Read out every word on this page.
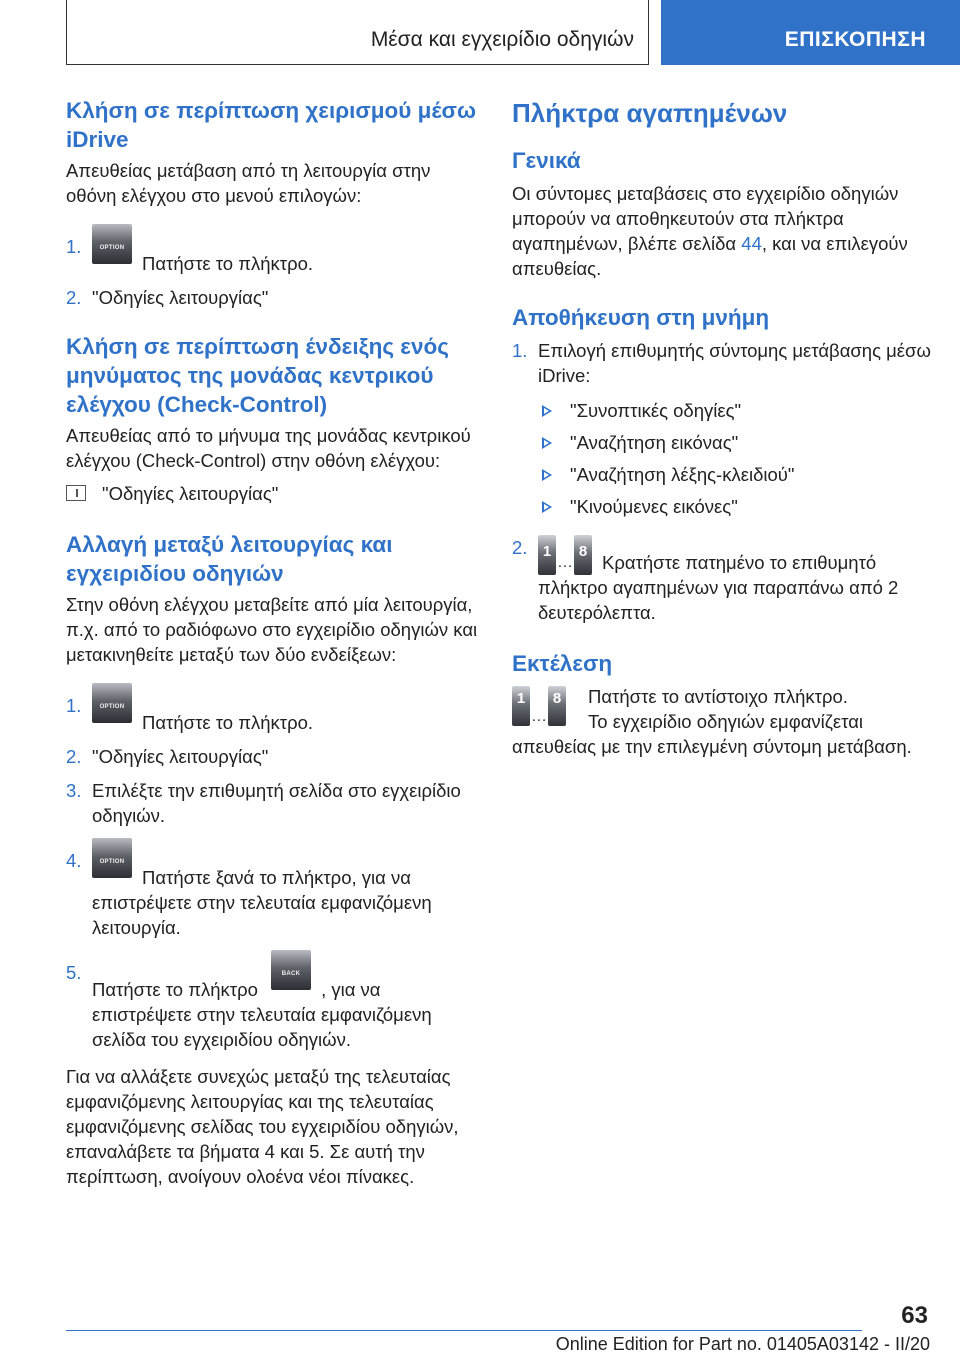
Μέσα και εγχειρίδιο οδηγιών	ΕΠΙΣΚΟΠΗΣΗ
Κλήση σε περίπτωση χειρισμού μέσω iDrive

Απευθείας μετάβαση από τη λειτουργία στην οθόνη ελέγχου στο μενού επιλογών:

1.	OPTION
Πατήστε το πλήκτρο.
2. "Οδηγίες λειτουργίας"
Κλήση σε περίπτωση ένδειξης ενός μηνύματος της μονάδας κεντρικού ελέγχου (Check-Control)

Απευθείας από το μήνυμα της μονάδας κεντρικού ελέγχου (Check-Control) στην οθόνη ελέγχου:

"Οδηγίες λειτουργίας"
Αλλαγή μεταξύ λειτουργίας και εγχειριδίου οδηγιών

Στην οθόνη ελέγχου μεταβείτε από μία λειτουργία, π.χ. από το ραδιόφωνο στο εγχειρίδιο οδηγιών και μετακινηθείτε μεταξύ των δύο ενδείξεων:

1.	OPTION
Πατήστε το πλήκτρο.
2. "Οδηγίες λειτουργίας"
3. Επιλέξτε την επιθυμητή σελίδα στο εγχειρίδιο οδηγιών.
4.	OPTION
Πατήστε ξανά το πλήκτρο, για να επιστρέψετε στην τελευταία εμφανιζόμενη λειτουργία.
5.
Πατήστε το πλήκτρο
BACK
, για να επιστρέψετε στην τελευταία εμφανιζόμενη σελίδα του εγχειριδίου οδηγιών.

Για να αλλάξετε συνεχώς μεταξύ της τελευταίας εμφανιζόμενης λειτουργίας και της τελευταίας εμφανιζόμενης σελίδας του εγχειριδίου οδηγιών, επαναλάβετε τα βήματα 4 και 5. Σε αυτή την περίπτωση, ανοίγουν ολοένα νέοι πίνακες.

Πλήκτρα αγαπημένων
Γενικά

Οι σύντομες μεταβάσεις στο εγχειρίδιο οδηγιών μπορούν να αποθηκευτούν στα πλήκτρα αγαπημένων, βλέπε σελίδα 44, και να επιλεγούν απευθείας.

Αποθήκευση στη μνήμη
1. Επιλογή επιθυμητής σύντομης μετάβασης μέσω iDrive:
"Συνοπτικές οδηγίες"
"Αναζήτηση εικόνας"
"Αναζήτηση λέξης-κλειδιού"
"Κινούμενες εικόνες"
2.	1
…
8
Κρατήστε πατημένο το επιθυμητό πλήκτρο αγαπημένων για παραπάνω από 2 δευτερόλεπτα.
Εκτέλεση
1
…
8	Πατήστε το αντίστοιχο πλήκτρο.

Το εγχειρίδιο οδηγιών εμφανίζεται απευθείας με την επιλεγμένη σύντομη μετάβαση.

63
Online Edition for Part no. 01405A03142 - II/20
